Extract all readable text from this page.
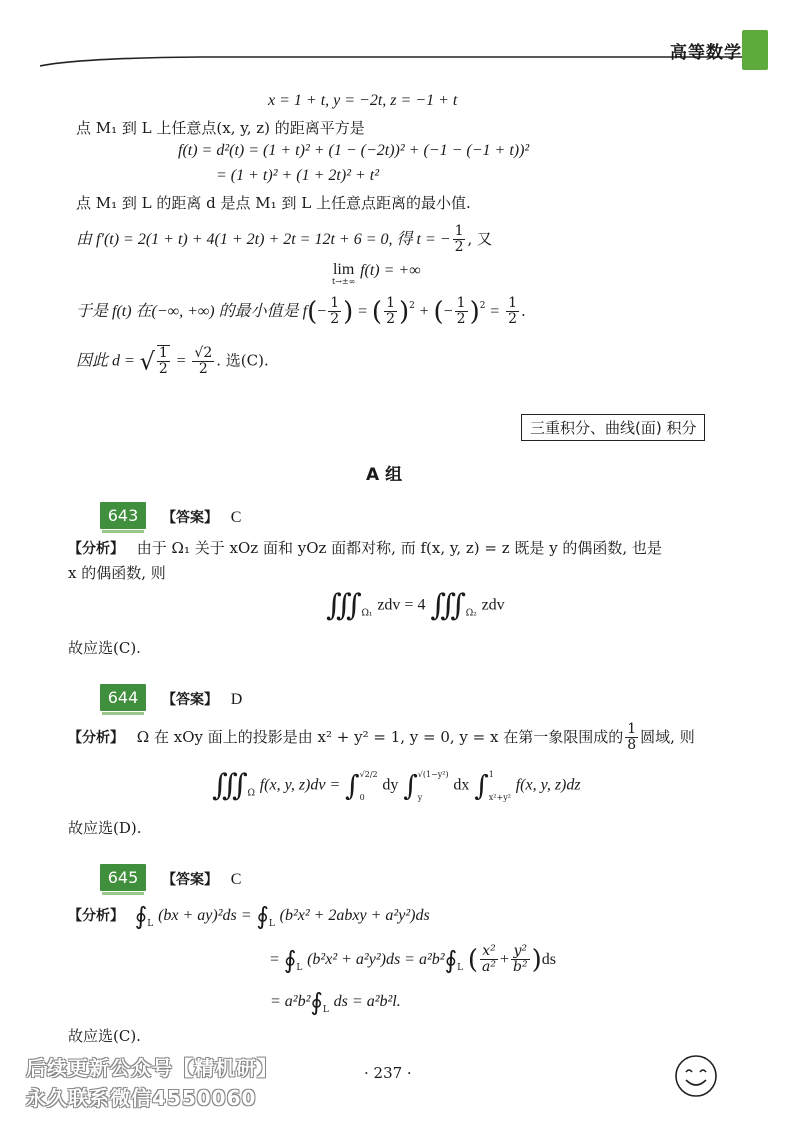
高等数学
x = 1 + t, y = −2t, z = −1 + t
点 M₁ 到 L 上任意点(x, y, z) 的距离平方是
f(t) = d²(t) = (1 + t)² + (1 − (−2t))² + (−1 − (−1 + t))²
= (1 + t)² + (1 + 2t)² + t²
点 M₁ 到 L 的距离 d 是点 M₁ 到 L 上任意点距离的最小值.
由 f′(t) = 2(1 + t) + 4(1 + 2t) + 2t = 12t + 6 = 0, 得 t = − $\frac{1}{2}$ , 又
lim
t→±∞
f(t) = +∞
于是 f(t) 在(−∞, +∞) 的最小值是 $f(- \frac{1}{2}$ ) = ( $\frac{1}{2} )^2$ + (− $\frac{1}{2} )^2 = \frac{1}{2}$ .
因此 d = √ $\frac{1}{2} = \frac{√2}{2}$ . 选(C).
三重积分、曲线(面) 积分
A 组
643	【答案】 C
【分析】 由于 Ω₁ 关于 xOz 面和 yOz 面都对称, 而 f(x, y, z) = z 既是 y 的偶函数, 也是
x 的偶函数, 则
$∭_{\Omega_1}$ zdv = 4 $∭_{\Omega_2}$ zdv
故应选(C).
644	【答案】 D
【分析】 Ω 在 xOy 面上的投影是由 x² + y² = 1, y = 0, y = x 在第一象限围成的 $\frac{1}{8}$ 圆域, 则
$∭_\Omega$ f(x, y, z)dv = ∫ √2/2
0
dy ∫ √(1−y²)
y
dx ∫ 1
x²+y²
f(x, y, z)dz
故应选(D).
645	【答案】 C
【分析】 $∮_L$ $(bx + ay)^2ds = ∮_L$ (b²x² + 2abxy + a²y²)ds
= $∮_L$ $(b^2x^2 + a^2y^2)ds = a^2b^2∮_L$ ( $\frac{\text{x²}}{\text{a²}} + \frac{\text{y²}}{\text{b²}} )ds$
= $a^2b^2∮_L$ ds = a²b²l.
故应选(C).
· 237 ·
后续更新公众号【精机研】
永久联系微信4550060
